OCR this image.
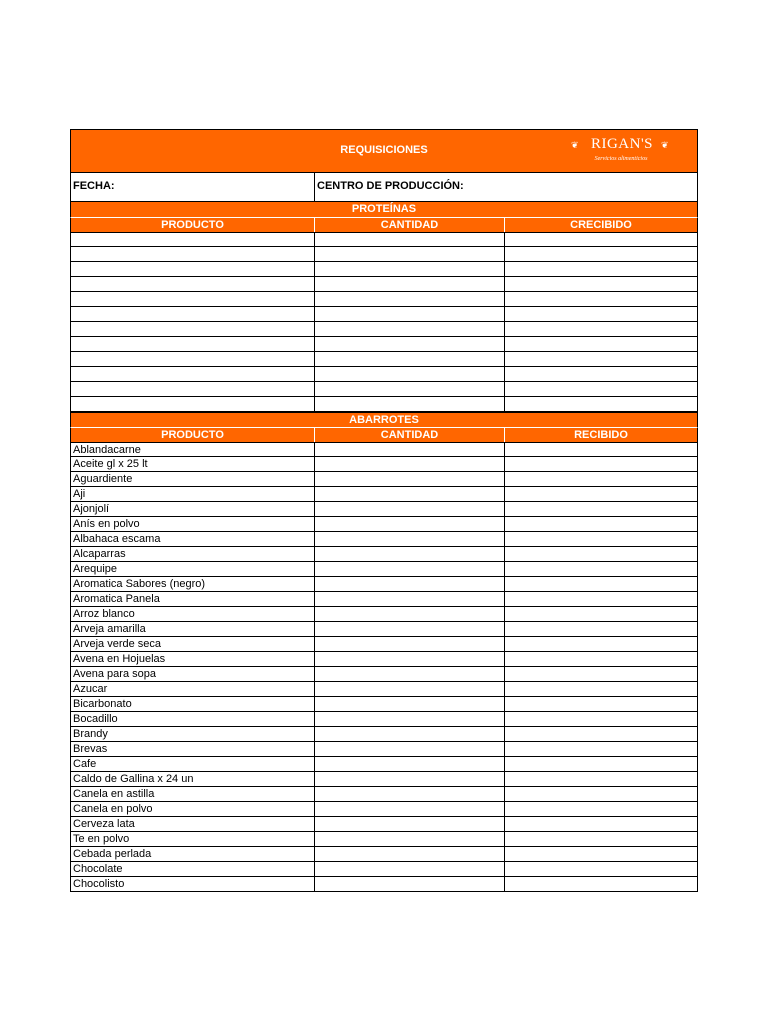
REQUISICIONES	❦ RIGAN'S ❦
Servicios alimenticios
FECHA:	CENTRO DE PRODUCCIÓN:
PROTEÍNAS
PRODUCTO	CANTIDAD	CRECIBIDO
ABARROTES
PRODUCTO	CANTIDAD	RECIBIDO
Ablandacarne
Aceite gl x 25 lt
Aguardiente
Aji
Ajonjolí
Anís en polvo
Albahaca escama
Alcaparras
Arequipe
Aromatica Sabores (negro)
Aromatica Panela
Arroz blanco
Arveja amarilla
Arveja verde seca
Avena en Hojuelas
Avena para sopa
Azucar
Bicarbonato
Bocadillo
Brandy
Brevas
Cafe
Caldo de Gallina x 24 un
Canela en astilla
Canela en polvo
Cerveza lata
Te en polvo
Cebada perlada
Chocolate
Chocolisto
